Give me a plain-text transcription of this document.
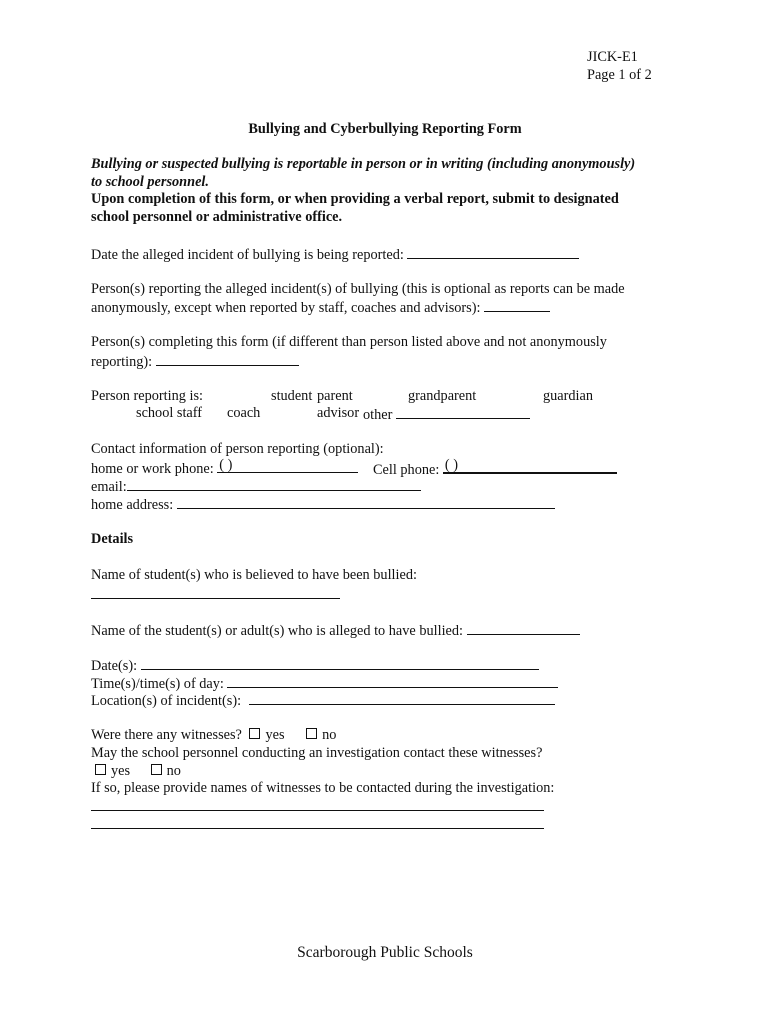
JICK-E1
Page 1 of 2
Bullying and Cyberbullying Reporting Form
Bullying or suspected bullying is reportable in person or in writing (including anonymously)
to school personnel.
Upon completion of this form, or when providing a verbal report, submit to designated
school personnel or administrative office.
Date the alleged incident of bullying is being reported:
Person(s) reporting the alleged incident(s) of bullying (this is optional as reports can be made
anonymously, except when reported by staff, coaches and advisors):
Person(s) completing this form (if different than person listed above and not anonymously
reporting):
Person reporting is:	student parent	grandparent	guardian
school staff coach	advisor other
Contact information of person reporting (optional):
home or work phone: ( )	Cell phone: ( )
email:
home address:
Details
Name of student(s) who is believed to have been bullied:
Name of the student(s) or adult(s) who is alleged to have bullied:
Date(s):
Time(s)/time(s) of day:
Location(s) of incident(s):
Were there any witnesses? yes	no
May the school personnel conducting an investigation contact these witnesses?
yes	no
If so, please provide names of witnesses to be contacted during the investigation:
Scarborough Public Schools
